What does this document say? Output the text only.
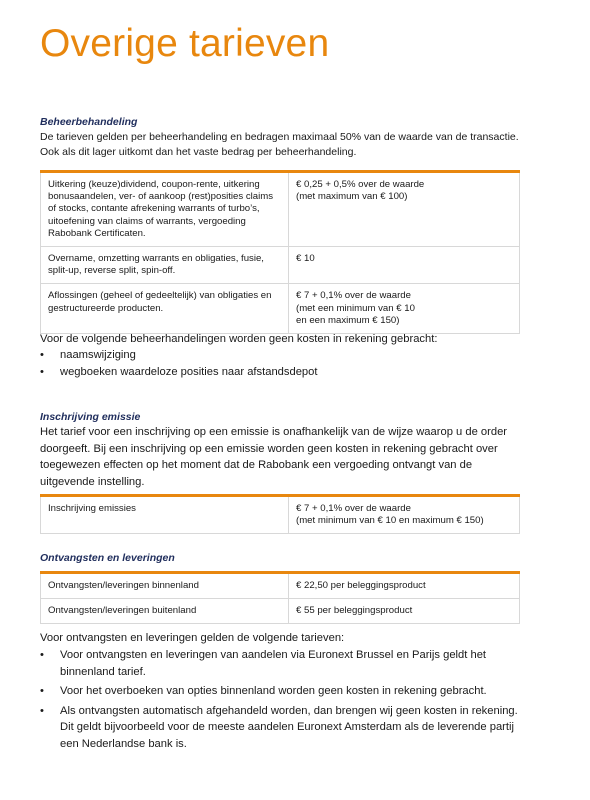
Overige tarieven
Beheerbehandeling

De tarieven gelden per beheerhandeling en bedragen maximaal 50% van de waarde van de transactie. Ook als dit lager uitkomt dan het vaste bedrag per beheerhandeling.

Uitkering (keuze)dividend, coupon-rente, uitkering bonusaandelen, ver- of aankoop (rest)posities claims of stocks, contante afrekening warrants of turbo’s, uitoefening van claims of warrants, vergoeding Rabobank Certificaten.	€ 0,25 + 0,5% over de waarde
(met maximum van € 100)
Overname, omzetting warrants en obligaties, fusie, split-up, reverse split, spin-off.	€ 10
Aflossingen (geheel of gedeeltelijk) van obligaties en gestructureerde producten.	€ 7 + 0,1% over de waarde
(met een minimum van € 10
en een maximum € 150)

Voor de volgende beheerhandelingen worden geen kosten in rekening gebracht:

• naamswijziging
• wegboeken waardeloze posities naar afstandsdepot
Inschrijving emissie

Het tarief voor een inschrijving op een emissie is onafhankelijk van de wijze waarop u de order doorgeeft. Bij een inschrijving op een emissie worden geen kosten in rekening gebracht over toegewezen effecten op het moment dat de Rabobank een vergoeding ontvangt van de uitgevende instelling.

Inschrijving emissies	€ 7 + 0,1% over de waarde
(met minimum van € 10 en maximum € 150)
Ontvangsten en leveringen
Ontvangsten/leveringen binnenland	€ 22,50 per beleggingsproduct
Ontvangsten/leveringen buitenland	€ 55 per beleggingsproduct

Voor ontvangsten en leveringen gelden de volgende tarieven:

• Voor ontvangsten en leveringen van aandelen via Euronext Brussel en Parijs geldt het binnenland tarief.
• Voor het overboeken van opties binnenland worden geen kosten in rekening gebracht.
• Als ontvangsten automatisch afgehandeld worden, dan brengen wij geen kosten in rekening. Dit geldt bijvoorbeeld voor de meeste aandelen Euronext Amsterdam als de leverende partij een Nederlandse bank is.
